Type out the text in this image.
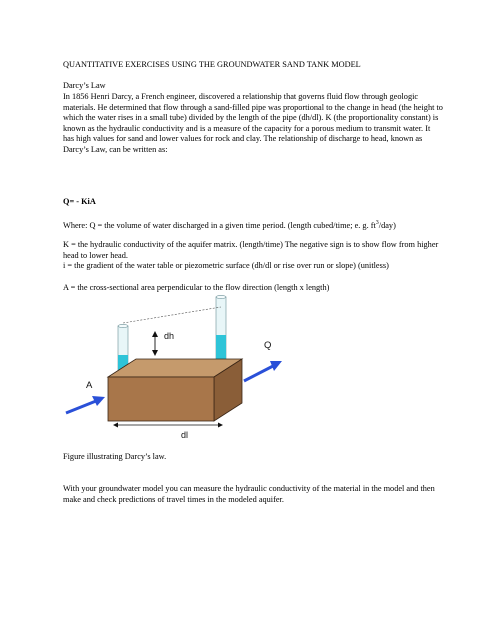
QUANTITATIVE EXERCISES USING THE GROUNDWATER SAND TANK MODEL

Darcy’s Law

In 1856 Henri Darcy, a French engineer, discovered a relationship that governs fluid flow through geologic materials. He determined that flow through a sand-filled pipe was proportional to the change in head (the height to which the water rises in a small tube) divided by the length of the pipe (dh/dl). K (the proportionality constant) is known as the hydraulic conductivity and is a measure of the capacity for a porous medium to transmit water. It has high values for sand and lower values for rock and clay. The relationship of discharge to head, known as Darcy’s Law, can be written as:

Q= - KiA

Where: Q = the volume of water discharged in a given time period. (length cubed/time; e. g. $ft^3/day$)

K = the hydraulic conductivity of the aquifer matrix. (length/time) The negative sign is to show flow from higher head to lower head.

i = the gradient of the water table or piezometric surface (dh/dl or rise over run or slope) (unitless)

A = the cross-sectional area perpendicular to the flow direction (length x length)

dh
Q
A
dl

Figure illustrating Darcy’s law.

With your groundwater model you can measure the hydraulic conductivity of the material in the model and then make and check predictions of travel times in the modeled aquifer.
